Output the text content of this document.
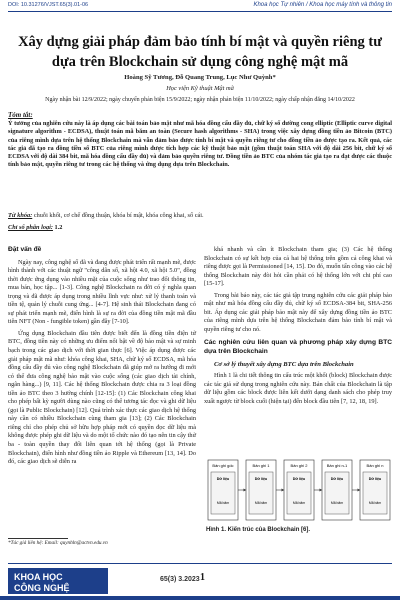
DOI: 10.31276/VJST.65(3).01-06	Khoa học Tự nhiên / Khoa học máy tính và thông tin
Xây dựng giải pháp đảm bảo tính bí mật và quyền riêng tư dựa trên Blockchain sử dụng công nghệ mật mã
Hoàng Sỹ Tương, Đỗ Quang Trung, Lục Như Quỳnh*
Học viện Kỹ thuật Mật mã
Ngày nhận bài 12/9/2022; ngày chuyển phản biện 15/9/2022; ngày nhận phản biện 11/10/2022; ngày chấp nhận đăng 14/10/2022
Tóm tắt:
Ý tưởng của nghiên cứu này là áp dụng các bài toán bảo mật như mã hóa đồng cấu đầy đủ, chữ ký số đường cong elliptic (Elliptic curve digital signature algorithm - ECDSA), thuật toán mã băm an toàn (Secure hash algorithms - SHA) trong việc xây dựng đồng tiền ảo Bitcoin (BTC) của riêng mình dựa trên hệ thống Blockchain mà vẫn đảm bảo được tính bí mật và quyền riêng tư cho đồng tiền ảo được tạo ra. Kết quả, các tác giả đã tạo ra đồng tiền số BTC của riêng mình được tích hợp các kỹ thuật bảo mật (gồm thuật toán SHA với độ dài 256 bit, chữ ký số ECDSA với độ dài 384 bit, mã hóa đồng cấu đầy đủ) và đảm bảo quyền riêng tư. Đồng tiền ảo BTC của nhóm tác giả tạo ra đạt được các thuộc tính bảo mật, quyền riêng tư trong các hệ thống và ứng dụng dựa trên Blockchain.
Từ khóa: chuỗi khối, cơ chế đồng thuận, khóa bí mật, khóa công khai, số cái.
Chỉ số phân loại: 1.2
Đặt vấn đề

Ngày nay, công nghệ số đã và đang được phát triển rất mạnh mẽ, được hình thành với các thuật ngữ "công dân số, xã hội 4.0, xã hội 5.0", đồng thời được ứng dụng vào nhiều mặt của cuộc sống như trao đổi thông tin, mua bán, học tập... [1-3]. Công nghệ Blockchain ra đời có ý nghĩa quan trọng và đã được áp dụng trong nhiều lĩnh vực như: xử lý thanh toán và tiền tệ, quản lý chuỗi cung ứng... [4-7]. Hệ sinh thái Blockchain đang có sự phát triển mạnh mẽ, điển hình là sự ra đời của đồng tiền mật mã đầu tiên NFT (Non - fungible token) gần đây [7-10].

Ứng dụng Blockchain đầu tiên được biết đến là đồng tiền điện tử BTC, đồng tiền này có những ưu điểm nổi bật về độ bảo mật và sự minh bạch trong các giao dịch với thời gian thực [6]. Việc áp dụng được các giải pháp mật mã như: khóa công khai, SHA, chữ ký số ECDSA, mã hóa đồng cấu đầy đủ vào công nghệ Blockchain đã giúp mở ra hướng đi mới có thể đưa công nghệ bảo mật vào cuộc sống (các giao dịch tài chính, ngân hàng...) [9, 11]. Các hệ thống Blockchain được chia ra 3 loại đồng tiền ảo BTC theo 3 hướng chính [12-15]: (1) Các Blockchain công khai cho phép bất kỳ người dùng nào cũng có thể tương tác đọc và ghi dữ liệu (gọi là Public Blockchain) [12]. Quá trình xác thực các giao dịch hệ thống này cần có nhiều Blockchain cùng tham gia [13]; (2) Các Blockchain riêng chỉ cho phép chủ sở hữu hợp pháp mới có quyền đọc dữ liệu mà không được phép ghi dữ liệu và do một tổ chức nào đó tạo nên tin cậy thử ba - toàn quyền thay đổi liên quan tới hệ thống (gọi là Private Blockchain), điển hình như đồng tiền ảo Ripple và Ethereum [13, 14]. Do đó, các giao dịch sẽ diễn ra

khá nhanh và cần ít Blockchain tham gia; (3) Các hệ thống Blockchain có sự kết hợp của cả hai hệ thống trên gồm cả công khai và riêng được gọi là Permissioned [14, 15]. Do đó, muốn tấn công vào các hệ thống Blockchain này đòi hỏi cần phải có hệ thống lớn với chi phí cao [15-17].

Trong bài báo này, các tác giả tập trung nghiên cứu các giải pháp bảo mật như mã hóa đồng cấu đầy đủ, chữ ký số ECDSA-384 bit, SHA-256 bit. Áp dụng các giải pháp bảo mật này để xây dựng đồng tiền ảo BTC của riêng mình dựa trên hệ thống Blockchain đảm bảo tính bí mật và quyền riêng tư cho nó.

Các nghiên cứu liên quan và phương pháp xây dựng BTC dựa trên Blockchain
Cơ sở lý thuyết xây dựng BTC dựa trên Blockchain

Hình 1 là chi tiết thông tin cấu trúc một khối (block) Blockchain được các tác giả sử dụng trong nghiên cứu này. Bản chất của Blockchain là tập dữ liệu gồm các block được liên kết dưới dạng danh sách cho phép truy xuất ngược từ block cuối (hiện tại) đến block đầu tiên [7, 12, 18, 19].

Bản ghi gốc
Dữ liệu
Mã băm
Bản ghi 1
Dữ liệu
Mã băm
Bản ghi 2
Dữ liệu
Mã băm
Bản ghi n-1
Dữ liệu
Mã băm
Bản ghi n
Dữ liệu
Mã băm
Hình 1. Kiến trúc của Blockchain [6].
*Tác giả liên hệ: Email: quynhln@actvn.edu.vn
KHOA HỌC
CÔNG NGHỆ
65(3) 3.2023 1
